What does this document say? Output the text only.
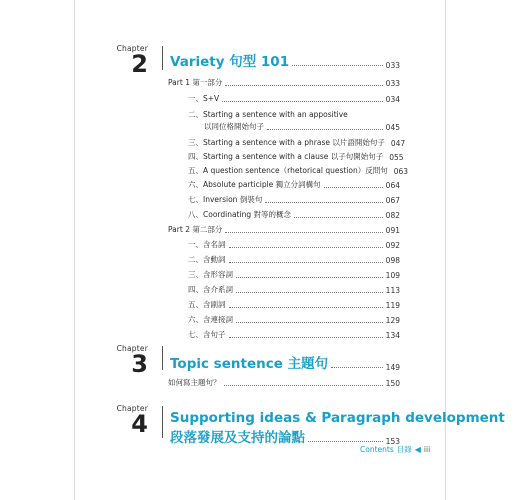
Chapter
2 Variety 句型 101	033
Part 1 第一部分	033
一、S+V	034
二、Starting a sentence with an appositive
以同位格開始句子	045
三、Starting a sentence with a phrase 以片語開始句子 047
四、Starting a sentence with a clause 以子句開始句子 055
五、A question sentence（rhetorical question）反問句 063
六、Absolute participle 獨立分詞構句	064
七、Inversion 倒裝句	067
八、Coordinating 對等的概念	082
Part 2 第二部分	091
一、含名詞	092
二、含動詞	098
三、含形容詞	109
四、含介系詞	113
五、含副詞	119
六、含連接詞	129
七、含句子	134
Chapter
3 Topic sentence 主題句	149
如何寫主題句？	150
Chapter
4 Supporting ideas & Paragraph development
段落發展及支持的論點	153
Contents 目錄 ◀ iii
